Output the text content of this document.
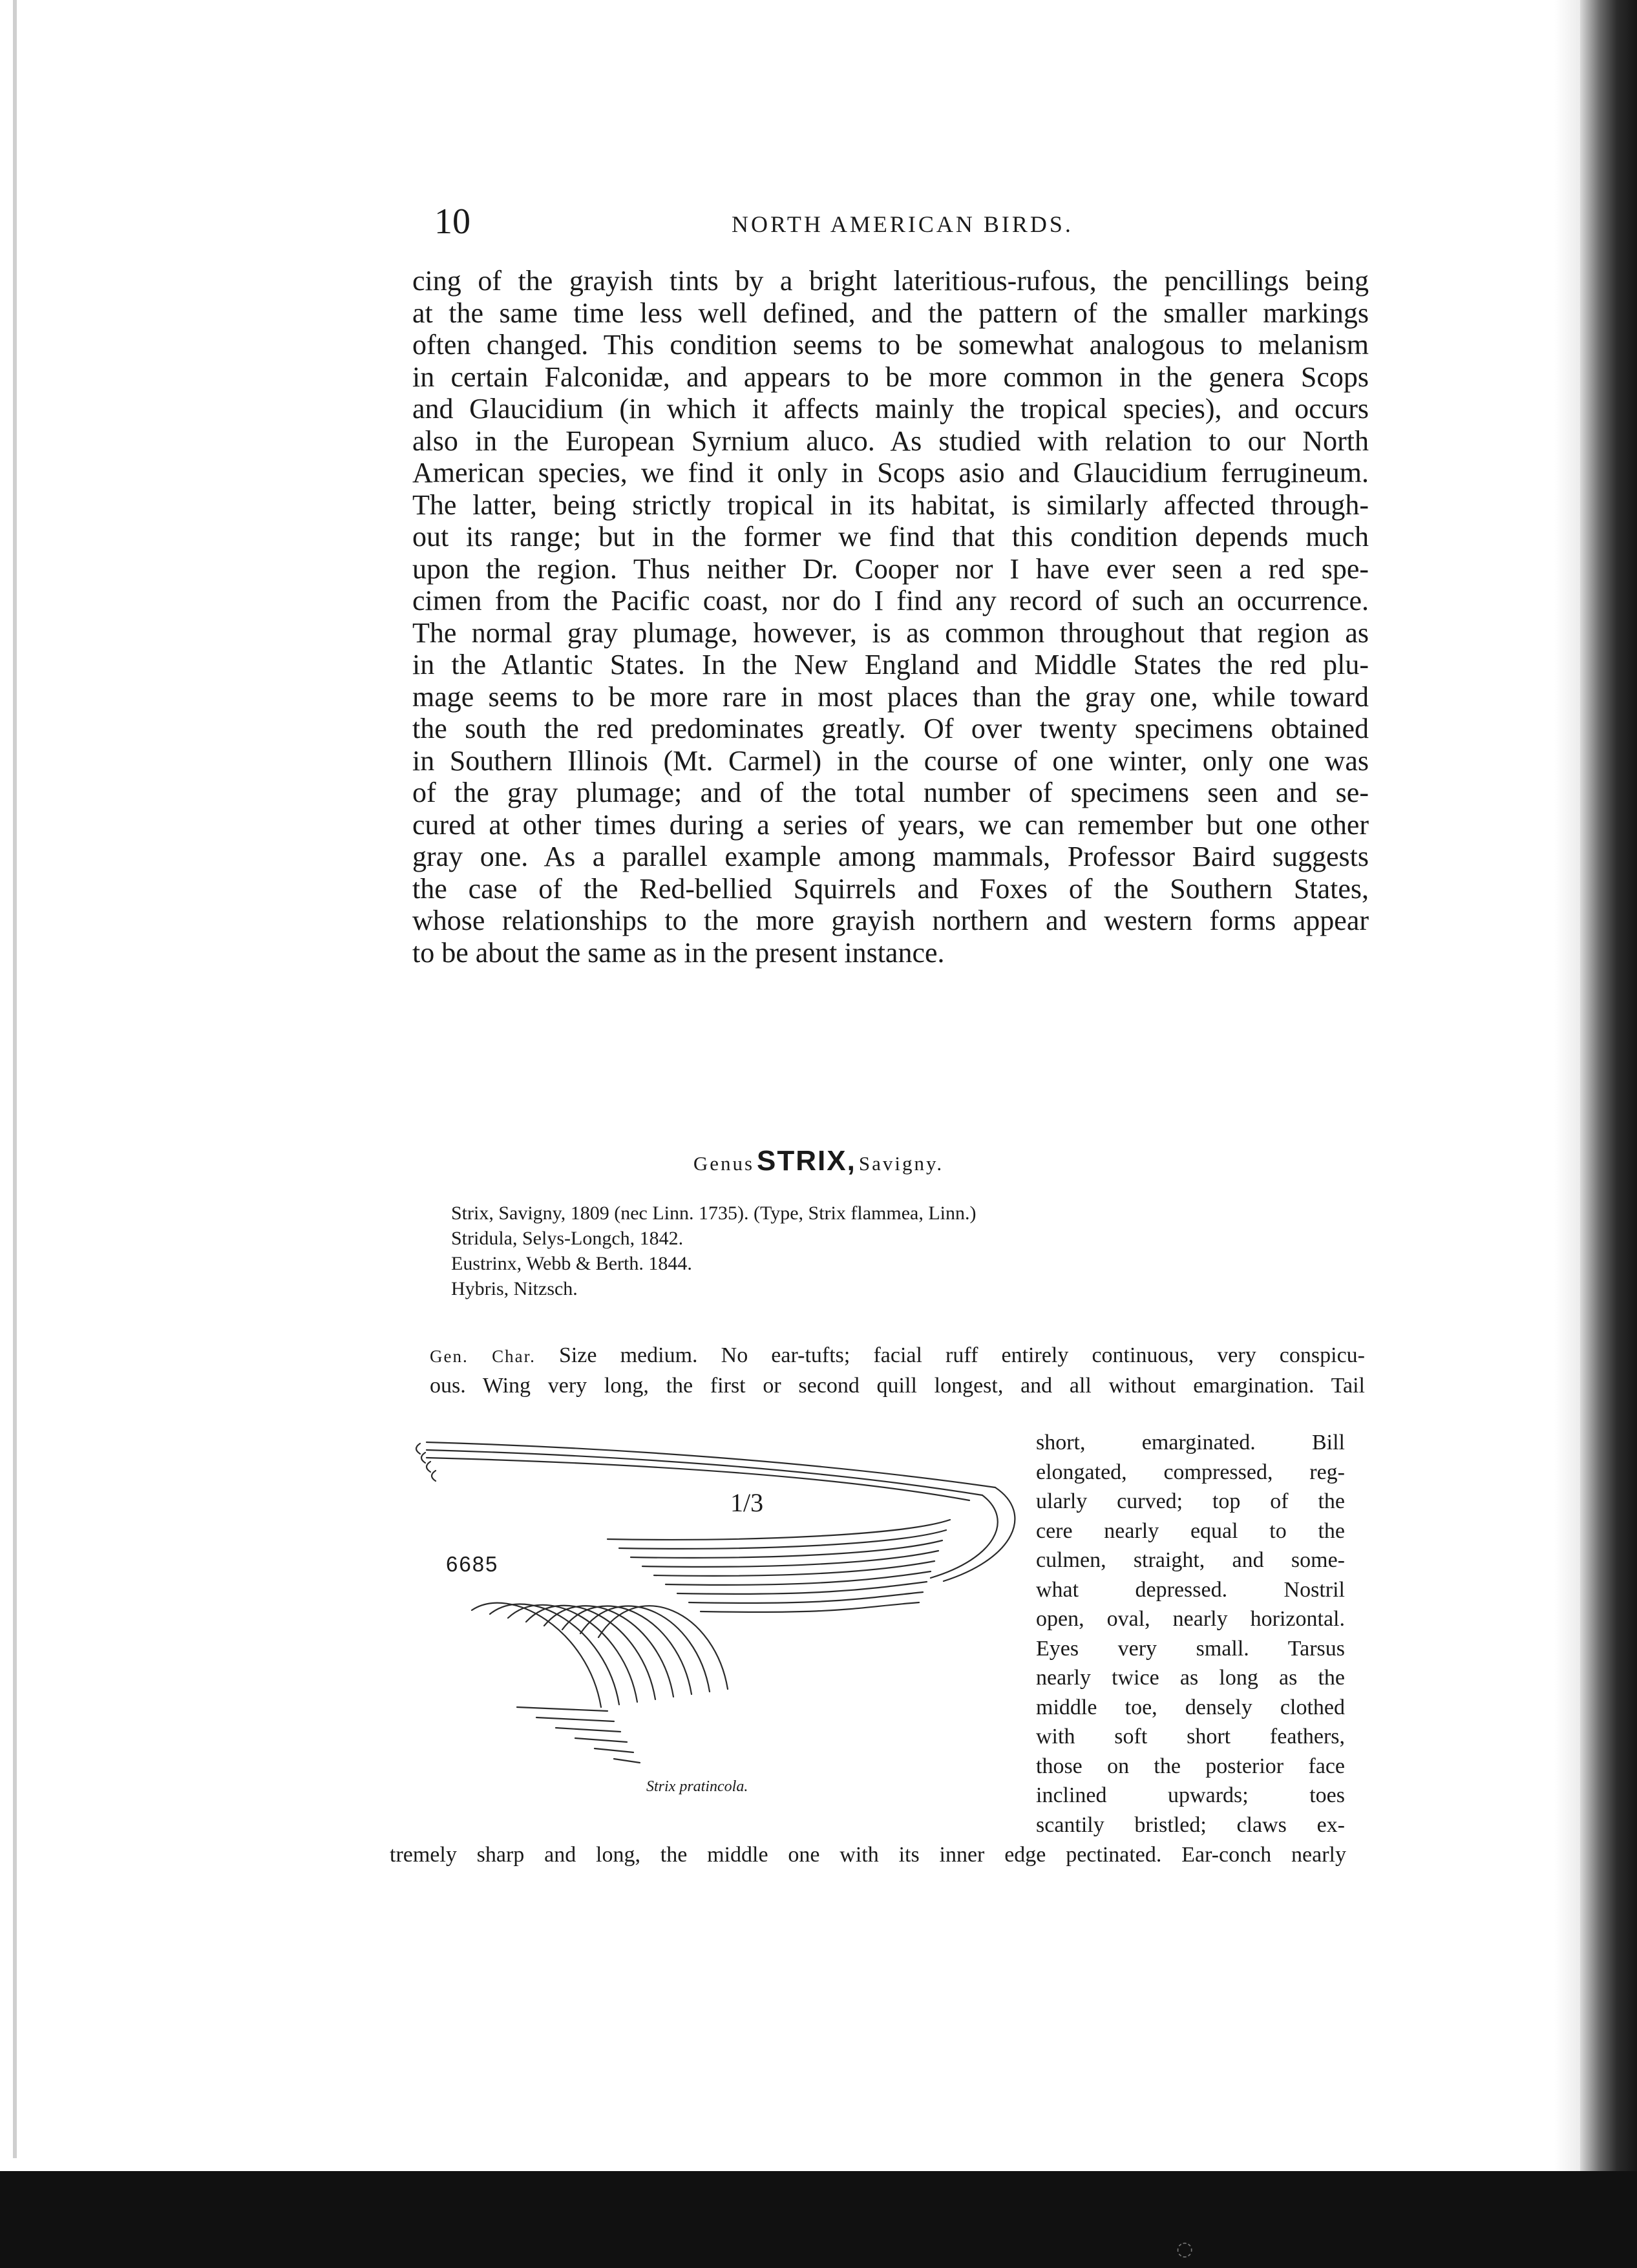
10	NORTH AMERICAN BIRDS.
cing of the grayish tints by a bright lateritious-rufous, the pencillings being
at the same time less well defined, and the pattern of the smaller markings
often changed. This condition seems to be somewhat analogous to melanism
in certain Falconidæ, and appears to be more common in the genera Scops
and Glaucidium (in which it affects mainly the tropical species), and occurs
also in the European Syrnium aluco. As studied with relation to our North
American species, we find it only in Scops asio and Glaucidium ferrugineum.
The latter, being strictly tropical in its habitat, is similarly affected through-
out its range; but in the former we find that this condition depends much
upon the region. Thus neither Dr. Cooper nor I have ever seen a red spe-
cimen from the Pacific coast, nor do I find any record of such an occurrence.
The normal gray plumage, however, is as common throughout that region as
in the Atlantic States. In the New England and Middle States the red plu-
mage seems to be more rare in most places than the gray one, while toward
the south the red predominates greatly. Of over twenty specimens obtained
in Southern Illinois (Mt. Carmel) in the course of one winter, only one was
of the gray plumage; and of the total number of specimens seen and se-
cured at other times during a series of years, we can remember but one other
gray one. As a parallel example among mammals, Professor Baird suggests
the case of the Red-bellied Squirrels and Foxes of the Southern States,
whose relationships to the more grayish northern and western forms appear
to be about the same as in the present instance.
Genus STRIX, Savigny.
Strix, Savigny, 1809 (nec Linn. 1735). (Type, Strix flammea, Linn.)
Stridula, Selys-Longch, 1842.
Eustrinx, Webb & Berth. 1844.
Hybris, Nitzsch.
Gen. Char. Size medium. No ear-tufts; facial ruff entirely continuous, very conspicu-
ous. Wing very long, the first or second quill longest, and all without emargination. Tail
6685
1/3
Strix pratincola.
short, emarginated. Bill
elongated, compressed, reg-
ularly curved; top of the
cere nearly equal to the
culmen, straight, and some-
what depressed. Nostril
open, oval, nearly horizontal.
Eyes very small. Tarsus
nearly twice as long as the
middle toe, densely clothed
with soft short feathers,
those on the posterior face
inclined upwards; toes
scantily bristled; claws ex-
tremely sharp and long, the middle one with its inner edge pectinated. Ear-conch nearly
◌
